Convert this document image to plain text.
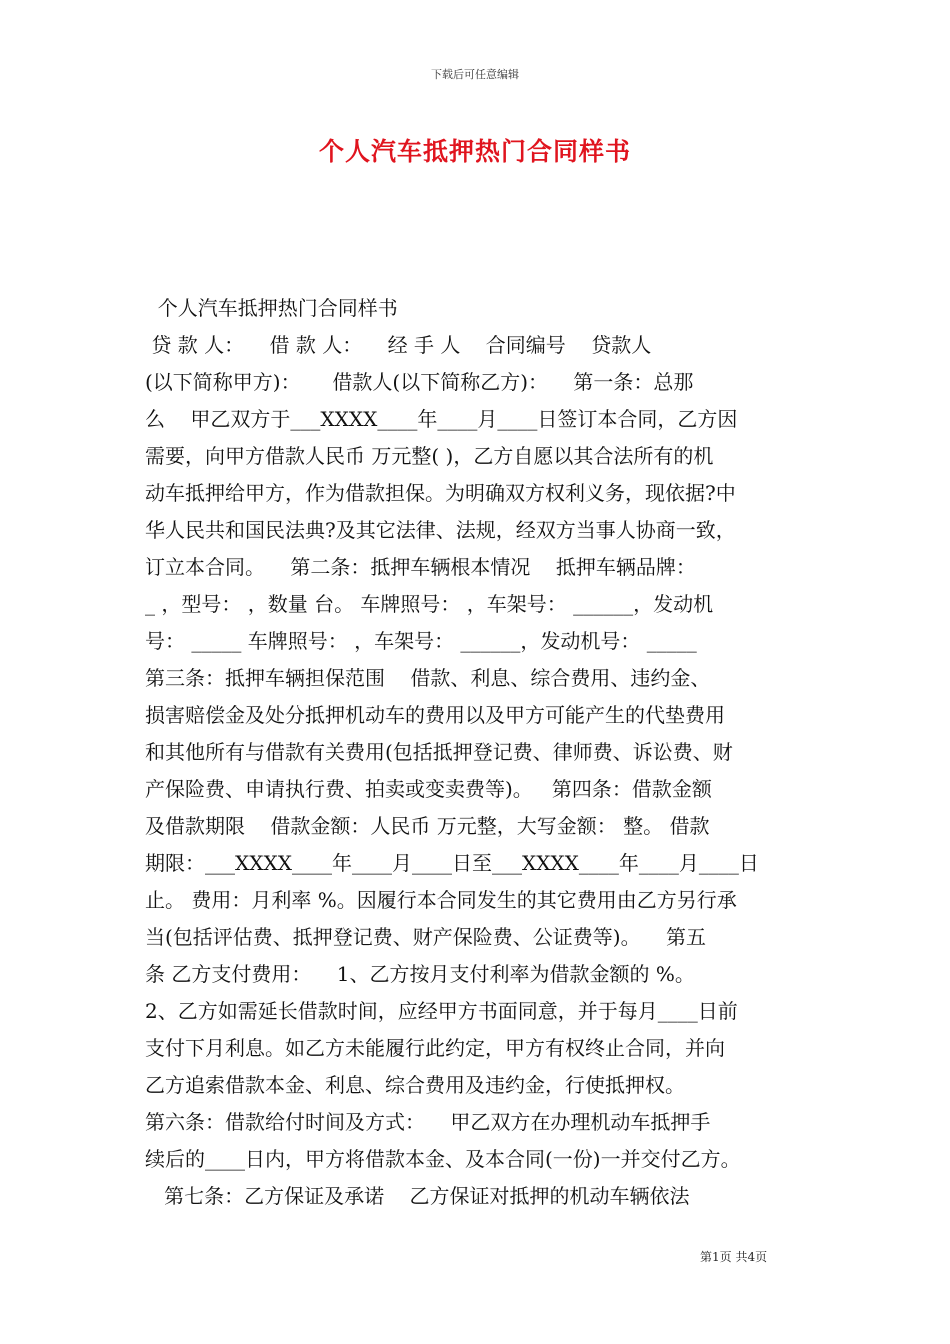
下载后可任意编辑
个人汽车抵押热门合同样书
个人汽车抵押热门合同样书
贷 款 人：    借 款 人：    经 手 人    合同编号    贷款人
(以下简称甲方)：     借款人(以下简称乙方)：    第一条：总那
么    甲乙双方于___XXXX____年____月____日签订本合同，乙方因
需要，向甲方借款人民币 万元整( )，乙方自愿以其合法所有的机
动车抵押给甲方，作为借款担保。为明确双方权利义务，现依据?中
华人民共和国民法典?及其它法律、法规，经双方当事人协商一致，
订立本合同。    第二条：抵押车辆根本情况    抵押车辆品牌：
_ ，型号： ，数量 台。 车牌照号： ，车架号： ______，发动机
号： _____ 车牌照号： ，车架号： ______，发动机号： _____
第三条：抵押车辆担保范围    借款、利息、综合费用、违约金、
损害赔偿金及处分抵押机动车的费用以及甲方可能产生的代垫费用
和其他所有与借款有关费用(包括抵押登记费、律师费、诉讼费、财
产保险费、申请执行费、拍卖或变卖费等)。   第四条：借款金额
及借款期限    借款金额：人民币 万元整，大写金额： 整。 借款
期限：___XXXX____年____月____日至___XXXX____年____月____日
止。 费用：月利率 %。因履行本合同发生的其它费用由乙方另行承
当(包括评估费、抵押登记费、财产保险费、公证费等)。    第五
条 乙方支付费用：    1、乙方按月支付利率为借款金额的 %。
2、乙方如需延长借款时间，应经甲方书面同意，并于每月____日前
支付下月利息。如乙方未能履行此约定，甲方有权终止合同，并向
乙方追索借款本金、利息、综合费用及违约金，行使抵押权。
第六条：借款给付时间及方式：    甲乙双方在办理机动车抵押手
续后的____日内，甲方将借款本金、及本合同(一份)一并交付乙方。
第七条：乙方保证及承诺    乙方保证对抵押的机动车辆依法
第1页 共4页
